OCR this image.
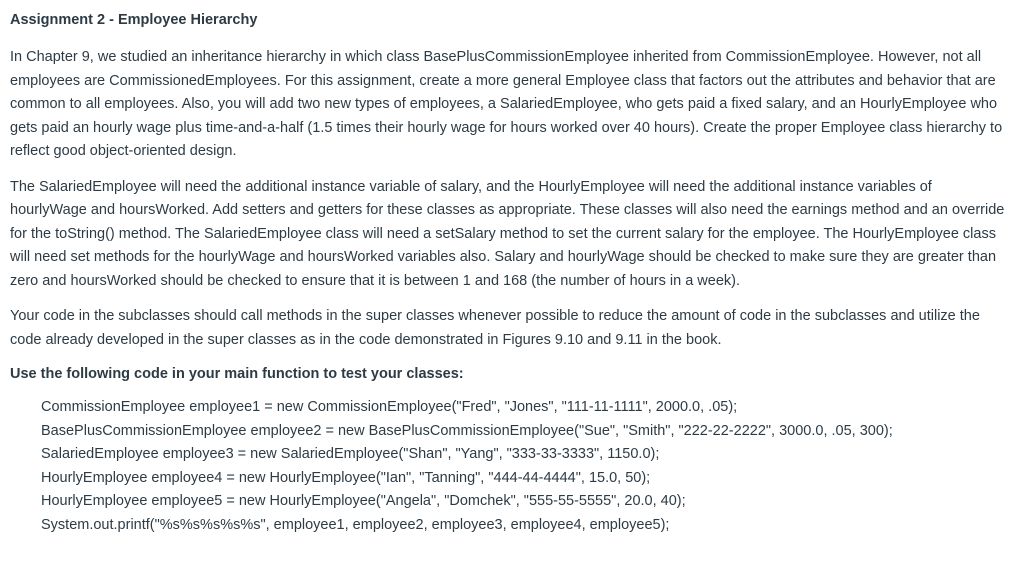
Assignment 2 - Employee Hierarchy

In Chapter 9, we studied an inheritance hierarchy in which class BasePlusCommissionEmployee inherited from CommissionEmployee. However, not all employees are CommissionedEmployees. For this assignment, create a more general Employee class that factors out the attributes and behavior that are common to all employees. Also, you will add two new types of employees, a SalariedEmployee, who gets paid a fixed salary, and an HourlyEmployee who gets paid an hourly wage plus time-and-a-half (1.5 times their hourly wage for hours worked over 40 hours). Create the proper Employee class hierarchy to reflect good object-oriented design.

The SalariedEmployee will need the additional instance variable of salary, and the HourlyEmployee will need the additional instance variables of hourlyWage and hoursWorked. Add setters and getters for these classes as appropriate. These classes will also need the earnings method and an override for the toString() method. The SalariedEmployee class will need a setSalary method to set the current salary for the employee. The HourlyEmployee class will need set methods for the hourlyWage and hoursWorked variables also. Salary and hourlyWage should be checked to make sure they are greater than zero and hoursWorked should be checked to ensure that it is between 1 and 168 (the number of hours in a week).

Your code in the subclasses should call methods in the super classes whenever possible to reduce the amount of code in the subclasses and utilize the code already developed in the super classes as in the code demonstrated in Figures 9.10 and 9.11 in the book.

Use the following code in your main function to test your classes:
CommissionEmployee employee1 = new CommissionEmployee("Fred", "Jones", "111-11-1111", 2000.0, .05);
BasePlusCommissionEmployee employee2 = new BasePlusCommissionEmployee("Sue", "Smith", "222-22-2222", 3000.0, .05, 300);
SalariedEmployee employee3 = new SalariedEmployee("Shan", "Yang", "333-33-3333", 1150.0);
HourlyEmployee employee4 = new HourlyEmployee("Ian", "Tanning", "444-44-4444", 15.0, 50);
HourlyEmployee employee5 = new HourlyEmployee("Angela", "Domchek", "555-55-5555", 20.0, 40);
System.out.printf("%s%s%s%s%s", employee1, employee2, employee3, employee4, employee5);
